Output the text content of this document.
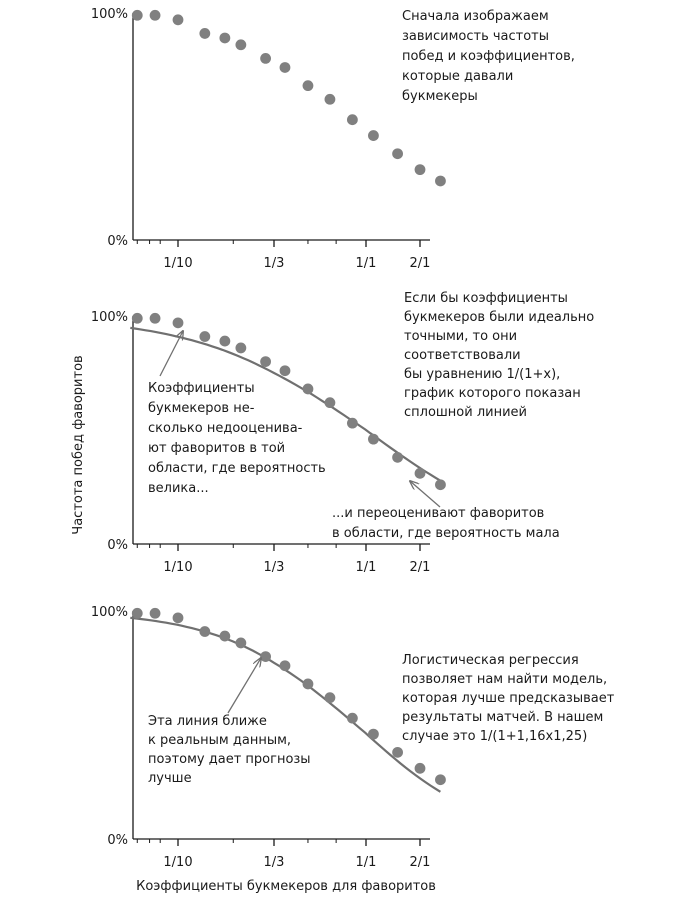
Частота побед фаворитов
Коэффициенты букмекеров для фаворитов
100%
0%
1/10	1/3	1/1	2/1
Сначала изображаем зависимость частоты побед и коэффициентов, которые давали букмекеры
100%
0%
1/10	1/3	1/1	2/1
Если бы коэффициенты букмекеров были идеально точными, то они соответствовали бы уравнению 1/(1+x), график которого показан сплошной линией
Коэффициенты букмекеров не-сколько недооценива-ют фаворитов в той области, где вероятность велика...
...и переоценивают фаворитов в области, где вероятность мала
100%
0%
1/10	1/3	1/1	2/1
Логистическая регрессия позволяет нам найти модель, которая лучше предсказывает результаты матчей. В нашем случае это 1/(1+1,16x1,25)
Эта линия ближе к реальным данным, поэтому дает прогнозы лучше
